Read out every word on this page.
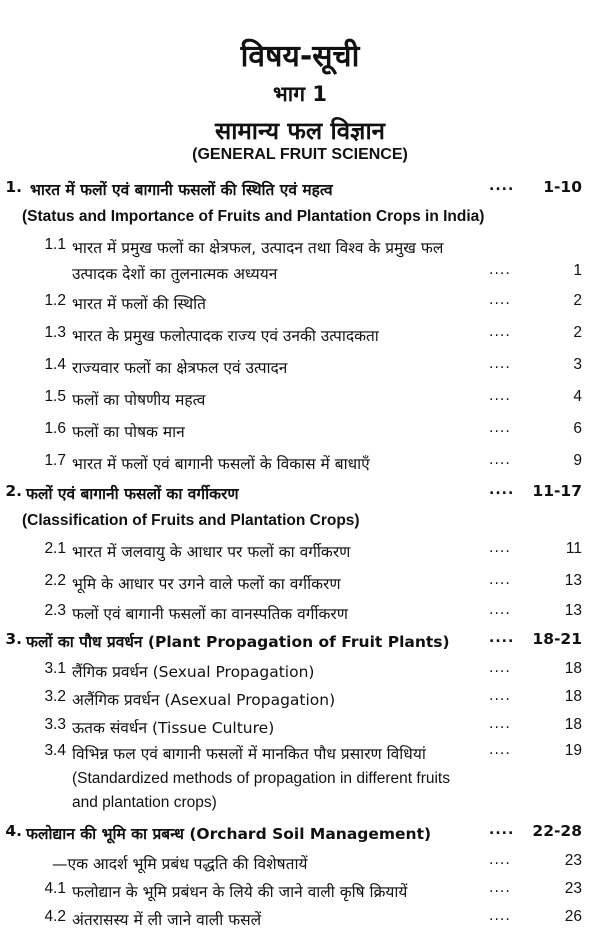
विषय-सूची
भाग 1
सामान्य फल विज्ञान
(GENERAL FRUIT SCIENCE)
1. भारत में फलों एवं बागानी फसलों की स्थिति एवं महत्व	.... 1-10
(Status and Importance of Fruits and Plantation Crops in India)
1.1 भारत में प्रमुख फलों का क्षेत्रफल, उत्पादन तथा विश्व के प्रमुख फल
उत्पादक देशों का तुलनात्मक अध्ययन	....	1
1.2 भारत में फलों की स्थिति	....	2
1.3 भारत के प्रमुख फलोत्पादक राज्य एवं उनकी उत्पादकता	....	2
1.4 राज्यवार फलों का क्षेत्रफल एवं उत्पादन	....	3
1.5 फलों का पोषणीय महत्व	....	4
1.6 फलों का पोषक मान	....	6
1.7 भारत में फलों एवं बागानी फसलों के विकास में बाधाएँ	....	9
2. फलों एवं बागानी फसलों का वर्गीकरण	.... 11-17
(Classification of Fruits and Plantation Crops)
2.1 भारत में जलवायु के आधार पर फलों का वर्गीकरण	....	11
2.2 भूमि के आधार पर उगने वाले फलों का वर्गीकरण	....	13
2.3 फलों एवं बागानी फसलों का वानस्पतिक वर्गीकरण	....	13
3. फलों का पौध प्रवर्धन (Plant Propagation of Fruit Plants)	.... 18-21
3.1 लैंगिक प्रवर्धन (Sexual Propagation)	....	18
3.2 अलैंगिक प्रवर्धन (Asexual Propagation)	....	18
3.3 ऊतक संवर्धन (Tissue Culture)	....	18
3.4 विभिन्न फल एवं बागानी फसलों में मानकित पौध प्रसारण विधियां	....	19
(Standardized methods of propagation in different fruits
and plantation crops)
4. फलोद्यान की भूमि का प्रबन्ध (Orchard Soil Management)	.... 22-28
—एक आदर्श भूमि प्रबंध पद्धति की विशेषतायें	....	23
4.1 फलोद्यान के भूमि प्रबंधन के लिये की जाने वाली कृषि क्रियायें	....	23
4.2 अंतरासस्य में ली जाने वाली फसलें	....	26
